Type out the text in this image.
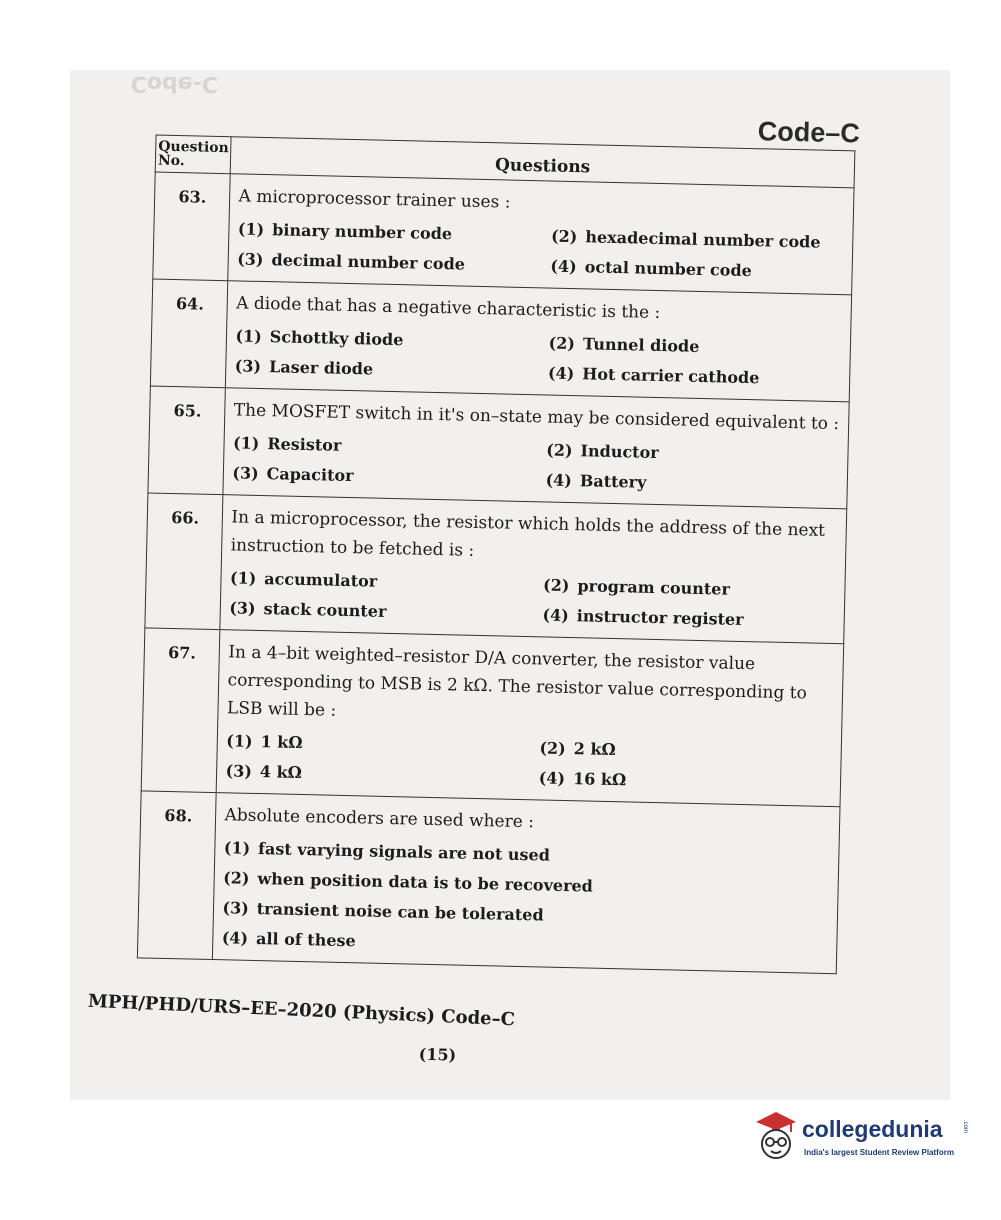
Code-C
Code–C
Question No.	Questions
63.	A microprocessor trainer uses :
(1) binary number code (2) hexadecimal number code
(3) decimal number code (4) octal number code

64.	A diode that has a negative characteristic is the :
(1) Schottky diode (2) Tunnel diode
(3) Laser diode (4) Hot carrier cathode

65.	The MOSFET switch in it's on–state may be considered equivalent to :
(1) Resistor (2) Inductor
(3) Capacitor (4) Battery

66.	In a microprocessor, the resistor which holds the address of the next instruction to be fetched is :
(1) accumulator (2) program counter
(3) stack counter (4) instructor register

67.	In a 4–bit weighted–resistor D/A converter, the resistor value corresponding to MSB is 2 kΩ. The resistor value corresponding to LSB will be :
(1) 1 kΩ (2) 2 kΩ
(3) 4 kΩ (4) 16 kΩ

68.	Absolute encoders are used where :
(1) fast varying signals are not used
(2) when position data is to be recovered
(3) transient noise can be tolerated
(4) all of these
MPH/PHD/URS–EE–2020 (Physics) Code–C
(15)
collegedunia
India's largest Student Review Platform
.com
